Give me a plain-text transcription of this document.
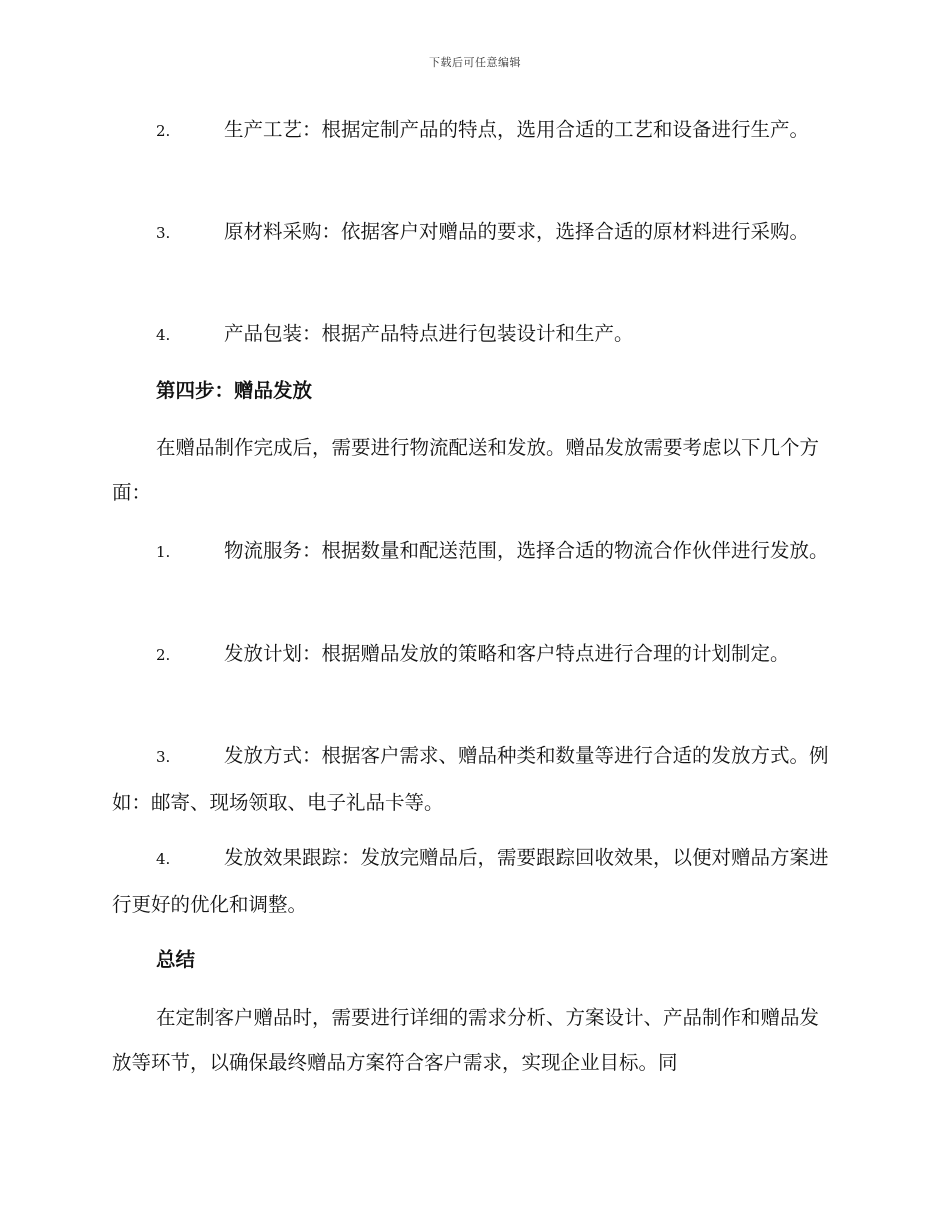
下载后可任意编辑

2.	生产工艺：根据定制产品的特点，选用合适的工艺和设备进行生产。

3.	原材料采购：依据客户对赠品的要求，选择合适的原材料进行采购。

4.	产品包装：根据产品特点进行包装设计和生产。

第四步：赠品发放

在赠品制作完成后，需要进行物流配送和发放。赠品发放需要考虑以下几个方面：

1.	物流服务：根据数量和配送范围，选择合适的物流合作伙伴进行发放。

2.	发放计划：根据赠品发放的策略和客户特点进行合理的计划制定。

3.	发放方式：根据客户需求、赠品种类和数量等进行合适的发放方式。例如：邮寄、现场领取、电子礼品卡等。

4.	发放效果跟踪：发放完赠品后，需要跟踪回收效果，以便对赠品方案进行更好的优化和调整。

总结

在定制客户赠品时，需要进行详细的需求分析、方案设计、产品制作和赠品发放等环节，以确保最终赠品方案符合客户需求，实现企业目标。同
